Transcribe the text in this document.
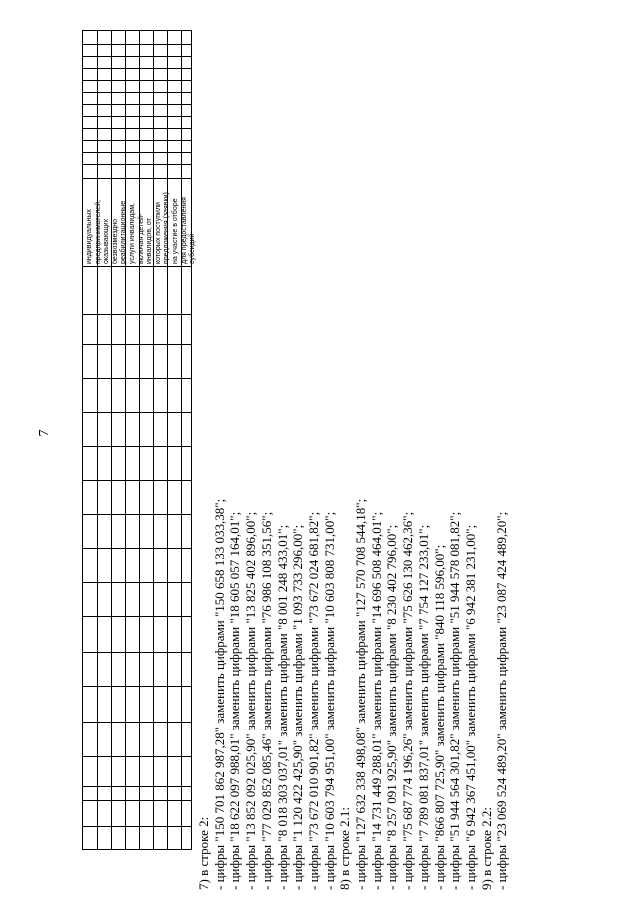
7
индивидуальных
предпринимателей,
оказывающих
безвозмездно
реабилитационные
услуги инвалидам,
включая детей-
инвалидов, от
которых поступили
предложения (заявки)
на участие в отборе
для предоставления
субсидий
7) в строке 2: - цифры "150 701 862 987,28" заменить цифрами "150 658 133 033,38"; - цифры "18 622 097 988,01" заменить цифрами "18 605 057 164,01"; - цифры "13 852 092 025,90" заменить цифрами "13 825 402 896,00"; - цифры "77 029 852 085,46" заменить цифрами "76 986 108 351,56"; - цифры "8 018 303 037,01" заменить цифрами "8 001 248 433,01"; - цифры "1 120 422 425,90" заменить цифрами "1 093 733 296,00"; - цифры "73 672 010 901,82" заменить цифрами "73 672 024 681,82"; - цифры "10 603 794 951,00" заменить цифрами "10 603 808 731,00"; 8) в строке 2.1: - цифры "127 632 338 498,08" заменить цифрами "127 570 708 544,18"; - цифры "14 731 449 288,01" заменить цифрами "14 696 508 464,01"; - цифры "8 257 091 925,90" заменить цифрами "8 230 402 796,00"; - цифры "75 687 774 196,26" заменить цифрами "75 626 130 462,36"; - цифры "7 789 081 837,01" заменить цифрами "7 754 127 233,01"; - цифры "866 807 725,90" заменить цифрами "840 118 596,00"; - цифры "51 944 564 301,82" заменить цифрами "51 944 578 081,82"; - цифры "6 942 367 451,00" заменить цифрами "6 942 381 231,00"; 9) в строке 2.2: - цифры "23 069 524 489,20" заменить цифрами "23 087 424 489,20";
